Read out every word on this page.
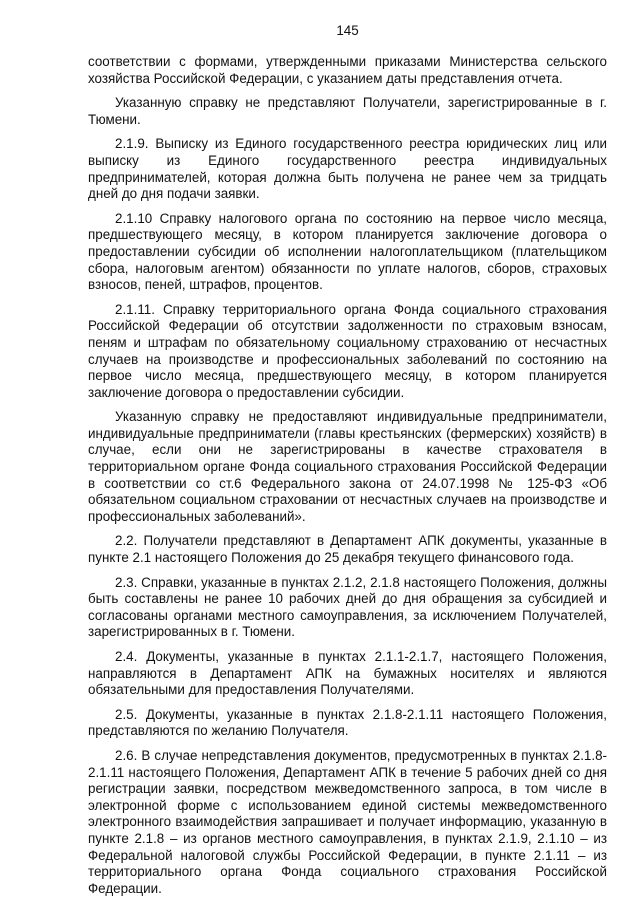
145

соответствии с формами, утвержденными приказами Министерства сельского хозяйства Российской Федерации, с указанием даты представления отчета.

Указанную справку не представляют Получатели, зарегистрированные в г. Тюмени.

2.1.9. Выписку из Единого государственного реестра юридических лиц или выписку из Единого государственного реестра индивидуальных предпринимателей, которая должна быть получена не ранее чем за тридцать дней до дня подачи заявки.

2.1.10 Справку налогового органа по состоянию на первое число месяца, предшествующего месяцу, в котором планируется заключение договора о предоставлении субсидии об исполнении налогоплательщиком (плательщиком сбора, налоговым агентом) обязанности по уплате налогов, сборов, страховых взносов, пеней, штрафов, процентов.

2.1.11. Справку территориального органа Фонда социального страхования Российской Федерации об отсутствии задолженности по страховым взносам, пеням и штрафам по обязательному социальному страхованию от несчастных случаев на производстве и профессиональных заболеваний по состоянию на первое число месяца, предшествующего месяцу, в котором планируется заключение договора о предоставлении субсидии.

Указанную справку не предоставляют индивидуальные предприниматели, индивидуальные предприниматели (главы крестьянских (фермерских) хозяйств) в случае, если они не зарегистрированы в качестве страхователя в территориальном органе Фонда социального страхования Российской Федерации в соответствии со ст.6 Федерального закона от 24.07.1998 № 125-ФЗ «Об обязательном социальном страховании от несчастных случаев на производстве и профессиональных заболеваний».

2.2. Получатели представляют в Департамент АПК документы, указанные в пункте 2.1 настоящего Положения до 25 декабря текущего финансового года.

2.3. Справки, указанные в пунктах 2.1.2, 2.1.8 настоящего Положения, должны быть составлены не ранее 10 рабочих дней до дня обращения за субсидией и согласованы органами местного самоуправления, за исключением Получателей, зарегистрированных в г. Тюмени.

2.4. Документы, указанные в пунктах 2.1.1-2.1.7, настоящего Положения, направляются в Департамент АПК на бумажных носителях и являются обязательными для предоставления Получателями.

2.5. Документы, указанные в пунктах 2.1.8-2.1.11 настоящего Положения, представляются по желанию Получателя.

2.6. В случае непредставления документов, предусмотренных в пунктах 2.1.8-2.1.11 настоящего Положения, Департамент АПК в течение 5 рабочих дней со дня регистрации заявки, посредством межведомственного запроса, в том числе в электронной форме с использованием единой системы межведомственного электронного взаимодействия запрашивает и получает информацию, указанную в пункте 2.1.8 – из органов местного самоуправления, в пунктах 2.1.9, 2.1.10 – из Федеральной налоговой службы Российской Федерации, в пункте 2.1.11 – из территориального органа Фонда социального страхования Российской Федерации.
